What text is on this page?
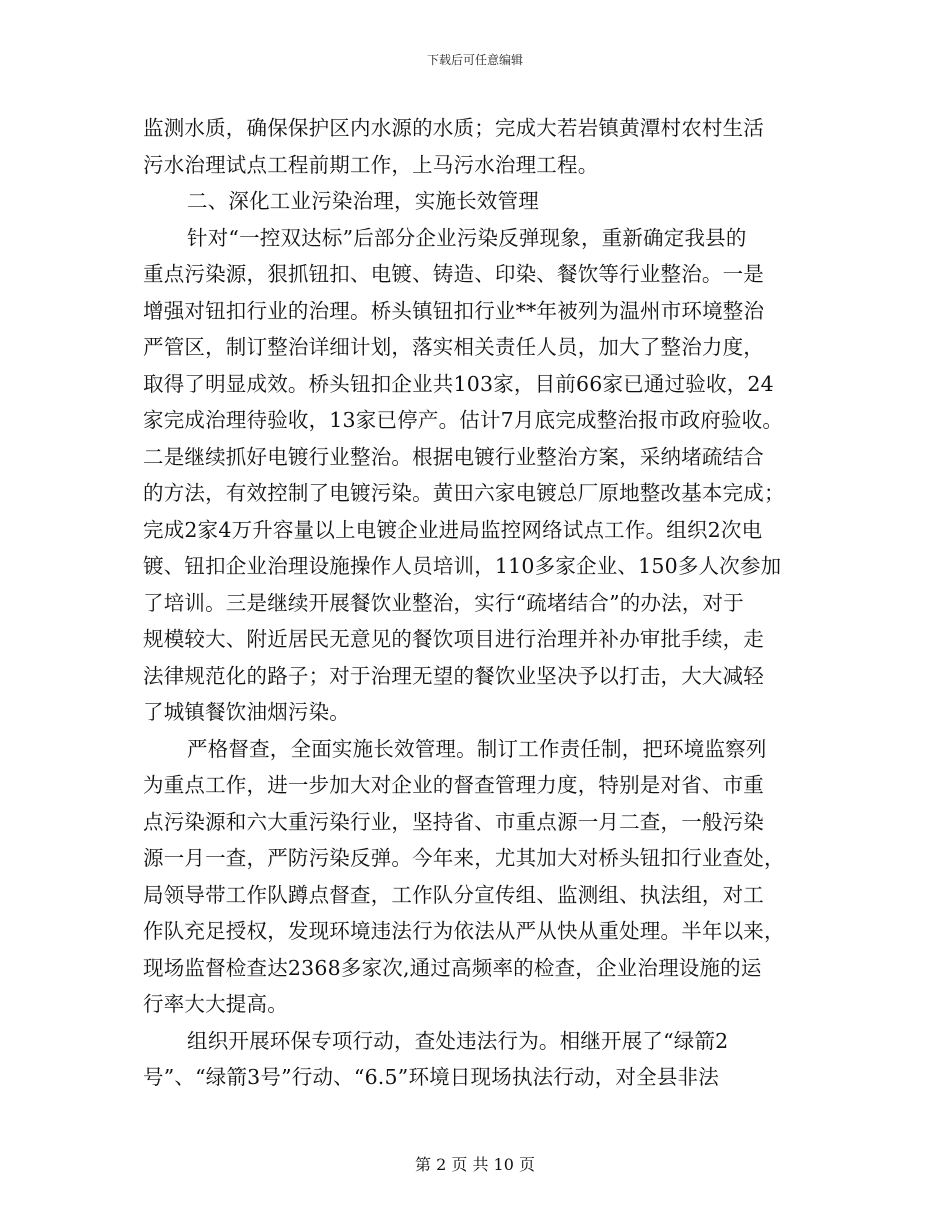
下载后可任意编辑
监测水质，确保保护区内水源的水质；完成大若岩镇黄潭村农村生活
污水治理试点工程前期工作，上马污水治理工程。
二、深化工业污染治理，实施长效管理
针对“一控双达标”后部分企业污染反弹现象，重新确定我县的
重点污染源，狠抓钮扣、电镀、铸造、印染、餐饮等行业整治。一是
增强对钮扣行业的治理。桥头镇钮扣行业**年被列为温州市环境整治
严管区，制订整治详细计划，落实相关责任人员，加大了整治力度，
取得了明显成效。桥头钮扣企业共103家，目前66家已通过验收，24
家完成治理待验收，13家已停产。估计7月底完成整治报市政府验收。
二是继续抓好电镀行业整治。根据电镀行业整治方案，采纳堵疏结合
的方法，有效控制了电镀污染。黄田六家电镀总厂原地整改基本完成；
完成2家4万升容量以上电镀企业进局监控网络试点工作。组织2次电
镀、钮扣企业治理设施操作人员培训，110多家企业、150多人次参加
了培训。三是继续开展餐饮业整治，实行“疏堵结合”的办法，对于
规模较大、附近居民无意见的餐饮项目进行治理并补办审批手续，走
法律规范化的路子；对于治理无望的餐饮业坚决予以打击，大大减轻
了城镇餐饮油烟污染。
严格督查，全面实施长效管理。制订工作责任制，把环境监察列
为重点工作，进一步加大对企业的督查管理力度，特别是对省、市重
点污染源和六大重污染行业，坚持省、市重点源一月二查，一般污染
源一月一查，严防污染反弹。今年来，尤其加大对桥头钮扣行业查处，
局领导带工作队蹲点督查，工作队分宣传组、监测组、执法组，对工
作队充足授权，发现环境违法行为依法从严从快从重处理。半年以来，
现场监督检查达2368多家次,通过高频率的检查，企业治理设施的运
行率大大提高。
组织开展环保专项行动，查处违法行为。相继开展了“绿箭2
号”、“绿箭3号”行动、“6.5”环境日现场执法行动，对全县非法
第 2 页 共 10 页
